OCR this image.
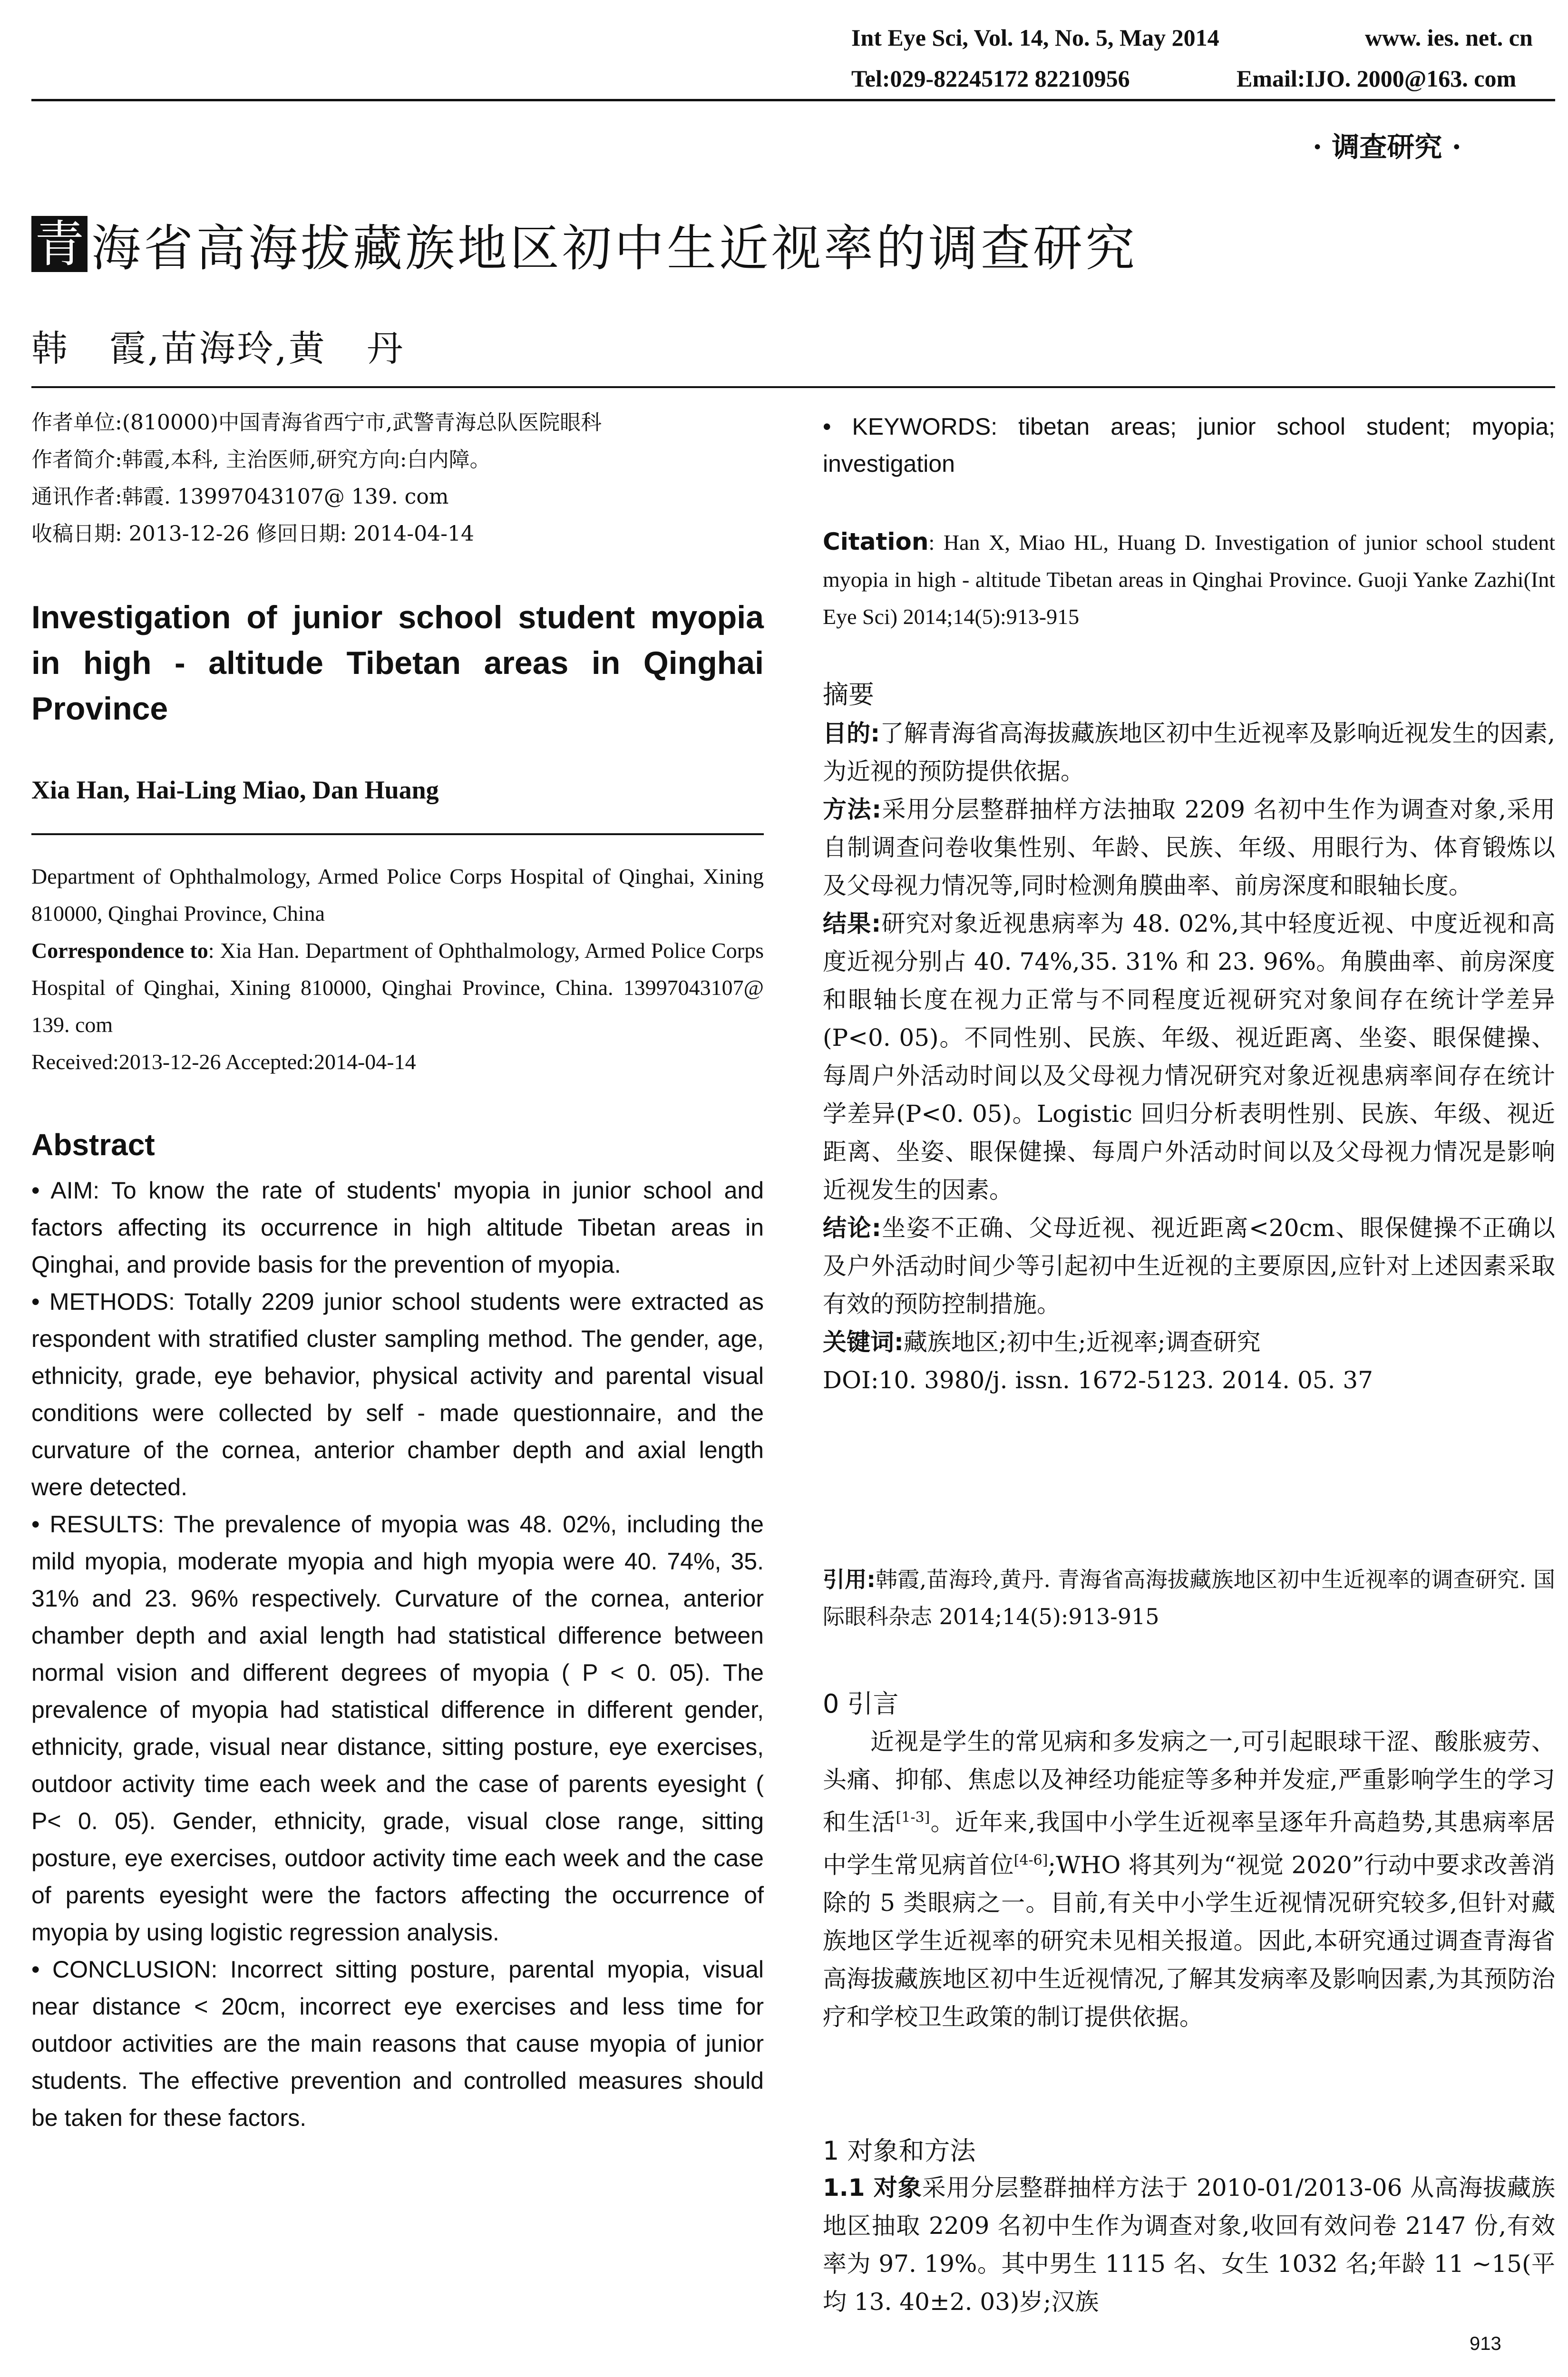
Int Eye Sci, Vol. 14, No. 5, May 2014	www. ies. net. cn
Tel:029-82245172 82210956	Email:IJO. 2000@163. com
· 调查研究 ·
青 海省高海拔藏族地区初中生近视率的调查研究
韩   霞,苗海玲,黄   丹

作者单位:(810000)中国青海省西宁市,武警青海总队医院眼科

作者简介:韩霞,本科, 主治医师,研究方向:白内障。

通讯作者:韩霞. 13997043107@ 139. com

收稿日期: 2013-12-26 修回日期: 2014-04-14

Investigation of junior school student myopia in high - altitude Tibetan areas in Qinghai Province
Xia Han, Hai-Ling Miao, Dan Huang

Department of Ophthalmology, Armed Police Corps Hospital of Qinghai, Xining 810000, Qinghai Province, China

Correspondence to: Xia Han. Department of Ophthalmology, Armed Police Corps Hospital of Qinghai, Xining 810000, Qinghai Province, China. 13997043107@ 139. com

Received:2013-12-26 Accepted:2014-04-14

Abstract

• AIM: To know the rate of students' myopia in junior school and factors affecting its occurrence in high altitude Tibetan areas in Qinghai, and provide basis for the prevention of myopia.

• METHODS: Totally 2209 junior school students were extracted as respondent with stratified cluster sampling method. The gender, age, ethnicity, grade, eye behavior, physical activity and parental visual conditions were collected by self - made questionnaire, and the curvature of the cornea, anterior chamber depth and axial length were detected.

• RESULTS: The prevalence of myopia was 48. 02%, including the mild myopia, moderate myopia and high myopia were 40. 74%, 35. 31% and 23. 96% respectively. Curvature of the cornea, anterior chamber depth and axial length had statistical difference between normal vision and different degrees of myopia ( P < 0. 05). The prevalence of myopia had statistical difference in different gender, ethnicity, grade, visual near distance, sitting posture, eye exercises, outdoor activity time each week and the case of parents eyesight ( P< 0. 05). Gender, ethnicity, grade, visual close range, sitting posture, eye exercises, outdoor activity time each week and the case of parents eyesight were the factors affecting the occurrence of myopia by using logistic regression analysis.

• CONCLUSION: Incorrect sitting posture, parental myopia, visual near distance < 20cm, incorrect eye exercises and less time for outdoor activities are the main reasons that cause myopia of junior students. The effective prevention and controlled measures should be taken for these factors.

• KEYWORDS: tibetan areas; junior school student; myopia; investigation

Citation: Han X, Miao HL, Huang D. Investigation of junior school student myopia in high - altitude Tibetan areas in Qinghai Province. Guoji Yanke Zazhi(Int Eye Sci) 2014;14(5):913-915

摘要

目的:了解青海省高海拔藏族地区初中生近视率及影响近视发生的因素,为近视的预防提供依据。

方法:采用分层整群抽样方法抽取 2209 名初中生作为调查对象,采用自制调查问卷收集性别、年龄、民族、年级、用眼行为、体育锻炼以及父母视力情况等,同时检测角膜曲率、前房深度和眼轴长度。

结果:研究对象近视患病率为 48. 02%,其中轻度近视、中度近视和高度近视分别占 40. 74%,35. 31% 和 23. 96%。角膜曲率、前房深度和眼轴长度在视力正常与不同程度近视研究对象间存在统计学差异(P<0. 05)。不同性别、民族、年级、视近距离、坐姿、眼保健操、每周户外活动时间以及父母视力情况研究对象近视患病率间存在统计学差异(P<0. 05)。Logistic 回归分析表明性别、民族、年级、视近距离、坐姿、眼保健操、每周户外活动时间以及父母视力情况是影响近视发生的因素。

结论:坐姿不正确、父母近视、视近距离<20cm、眼保健操不正确以及户外活动时间少等引起初中生近视的主要原因,应针对上述因素采取有效的预防控制措施。

关键词:藏族地区;初中生;近视率;调查研究

DOI:10. 3980/j. issn. 1672-5123. 2014. 05. 37

引用:韩霞,苗海玲,黄丹. 青海省高海拔藏族地区初中生近视率的调查研究. 国际眼科杂志 2014;14(5):913-915

0 引言

近视是学生的常见病和多发病之一,可引起眼球干涩、酸胀疲劳、头痛、抑郁、焦虑以及神经功能症等多种并发症,严重影响学生的学习和生活[1-3]。近年来,我国中小学生近视率呈逐年升高趋势,其患病率居中学生常见病首位[4-6];WHO 将其列为“视觉 2020”行动中要求改善消除的 5 类眼病之一。目前,有关中小学生近视情况研究较多,但针对藏族地区学生近视率的研究未见相关报道。因此,本研究通过调查青海省高海拔藏族地区初中生近视情况,了解其发病率及影响因素,为其预防治疗和学校卫生政策的制订提供依据。

1 对象和方法

1.1 对象采用分层整群抽样方法于 2010-01/2013-06 从高海拔藏族地区抽取 2209 名初中生作为调查对象,收回有效问卷 2147 份,有效率为 97. 19%。其中男生 1115 名、女生 1032 名;年龄 11 ~15(平均 13. 40±2. 03)岁;汉族

913
